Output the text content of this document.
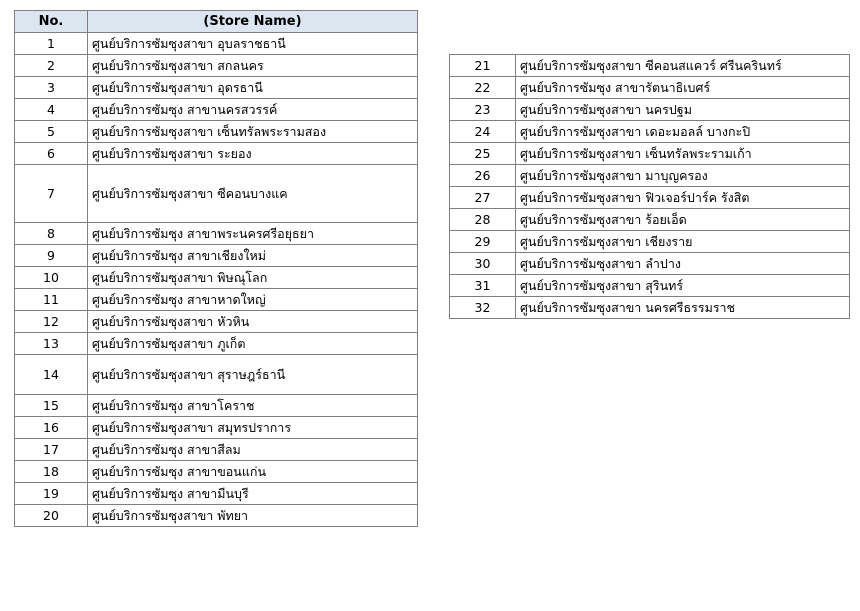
No.	(Store Name)
1	ศูนย์บริการซัมซุงสาขา อุบลราชธานี
2	ศูนย์บริการซัมซุงสาขา สกลนคร
3	ศูนย์บริการซัมซุงสาขา อุดรธานี
4	ศูนย์บริการซัมซุง สาขานครสวรรค์
5	ศูนย์บริการซัมซุงสาขา เซ็นทรัลพระรามสอง
6	ศูนย์บริการซัมซุงสาขา ระยอง
7	ศูนย์บริการซัมซุงสาขา ซีคอนบางแค
8	ศูนย์บริการซัมซุง สาขาพระนครศรีอยุธยา
9	ศูนย์บริการซัมซุง สาขาเชียงใหม่
10	ศูนย์บริการซัมซุงสาขา พิษณุโลก
11	ศูนย์บริการซัมซุง สาขาหาดใหญ่
12	ศูนย์บริการซัมซุงสาขา หัวหิน
13	ศูนย์บริการซัมซุงสาขา ภูเก็ต
14	ศูนย์บริการซัมซุงสาขา สุราษฎร์ธานี
15	ศูนย์บริการซัมซุง สาขาโคราช
16	ศูนย์บริการซัมซุงสาขา สมุทรปราการ
17	ศูนย์บริการซัมซุง สาขาสีลม
18	ศูนย์บริการซัมซุง สาขาขอนแก่น
19	ศูนย์บริการซัมซุง สาขามีนบุรี
20	ศูนย์บริการซัมซุงสาขา พัทยา
21	ศูนย์บริการซัมซุงสาขา ซีคอนสแควร์ ศรีนครินทร์
22	ศูนย์บริการซัมซุง สาขารัตนาธิเบศร์
23	ศูนย์บริการซัมซุงสาขา นครปฐม
24	ศูนย์บริการซัมซุงสาขา เดอะมอลล์ บางกะปิ
25	ศูนย์บริการซัมซุงสาขา เซ็นทรัลพระรามเก้า
26	ศูนย์บริการซัมซุงสาขา มาบุญครอง
27	ศูนย์บริการซัมซุงสาขา ฟิวเจอร์ปาร์ค รังสิต
28	ศูนย์บริการซัมซุงสาขา ร้อยเอ็ด
29	ศูนย์บริการซัมซุงสาขา เชียงราย
30	ศูนย์บริการซัมซุงสาขา ลำปาง
31	ศูนย์บริการซัมซุงสาขา สุรินทร์
32	ศูนย์บริการซัมซุงสาขา นครศรีธรรมราช
